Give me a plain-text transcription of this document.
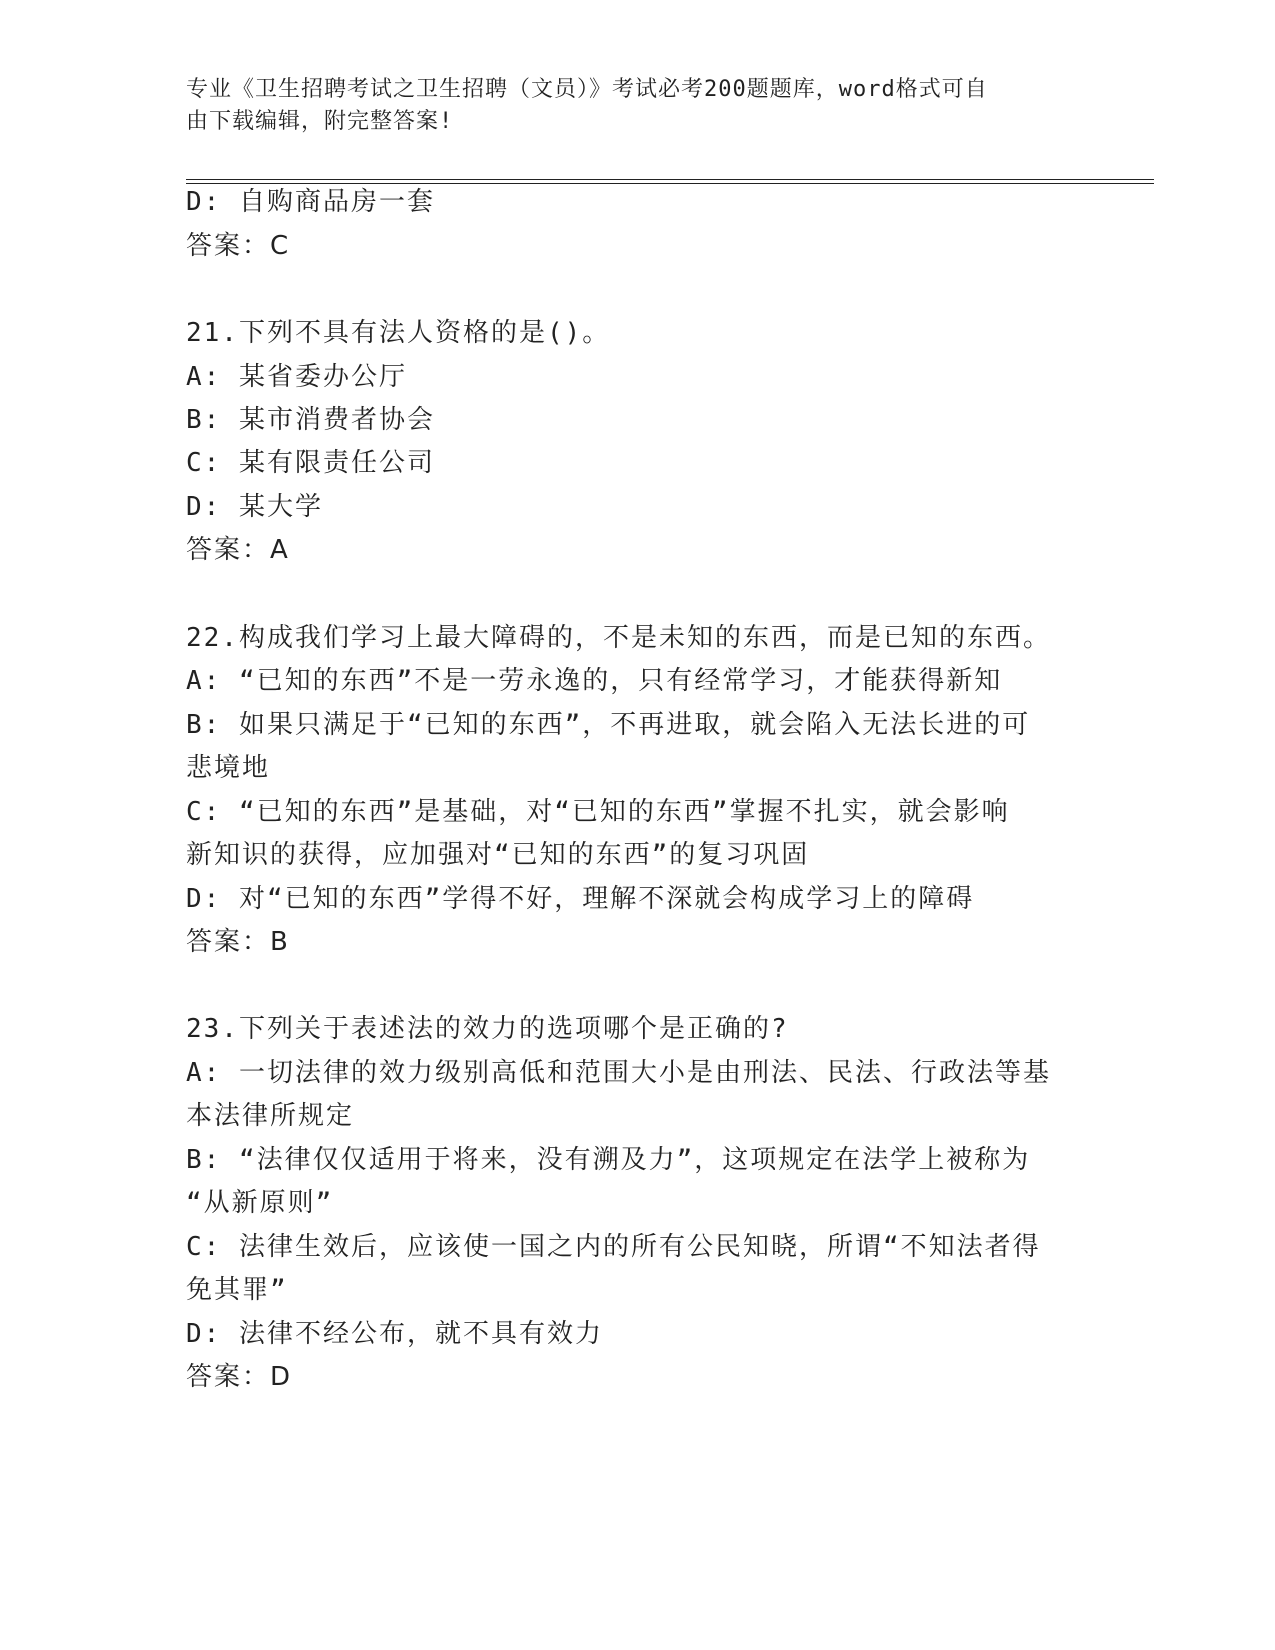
专业《卫生招聘考试之卫生招聘（文员）》考试必考200题题库，word格式可自
由下载编辑，附完整答案!
D: 自购商品房一套
答案：C
21.下列不具有法人资格的是()。
A: 某省委办公厅
B: 某市消费者协会
C: 某有限责任公司
D: 某大学
答案：A
22.构成我们学习上最大障碍的，不是未知的东西，而是已知的东西。
A: “已知的东西”不是一劳永逸的，只有经常学习，才能获得新知
B: 如果只满足于“已知的东西”，不再进取，就会陷入无法长进的可
悲境地
C: “已知的东西”是基础，对“已知的东西”掌握不扎实，就会影响
新知识的获得，应加强对“已知的东西”的复习巩固
D: 对“已知的东西”学得不好，理解不深就会构成学习上的障碍
答案：B
23.下列关于表述法的效力的选项哪个是正确的?
A: 一切法律的效力级别高低和范围大小是由刑法、民法、行政法等基
本法律所规定
B: “法律仅仅适用于将来，没有溯及力”，这项规定在法学上被称为
“从新原则”
C: 法律生效后，应该使一国之内的所有公民知晓，所谓“不知法者得
免其罪”
D: 法律不经公布，就不具有效力
答案：D
